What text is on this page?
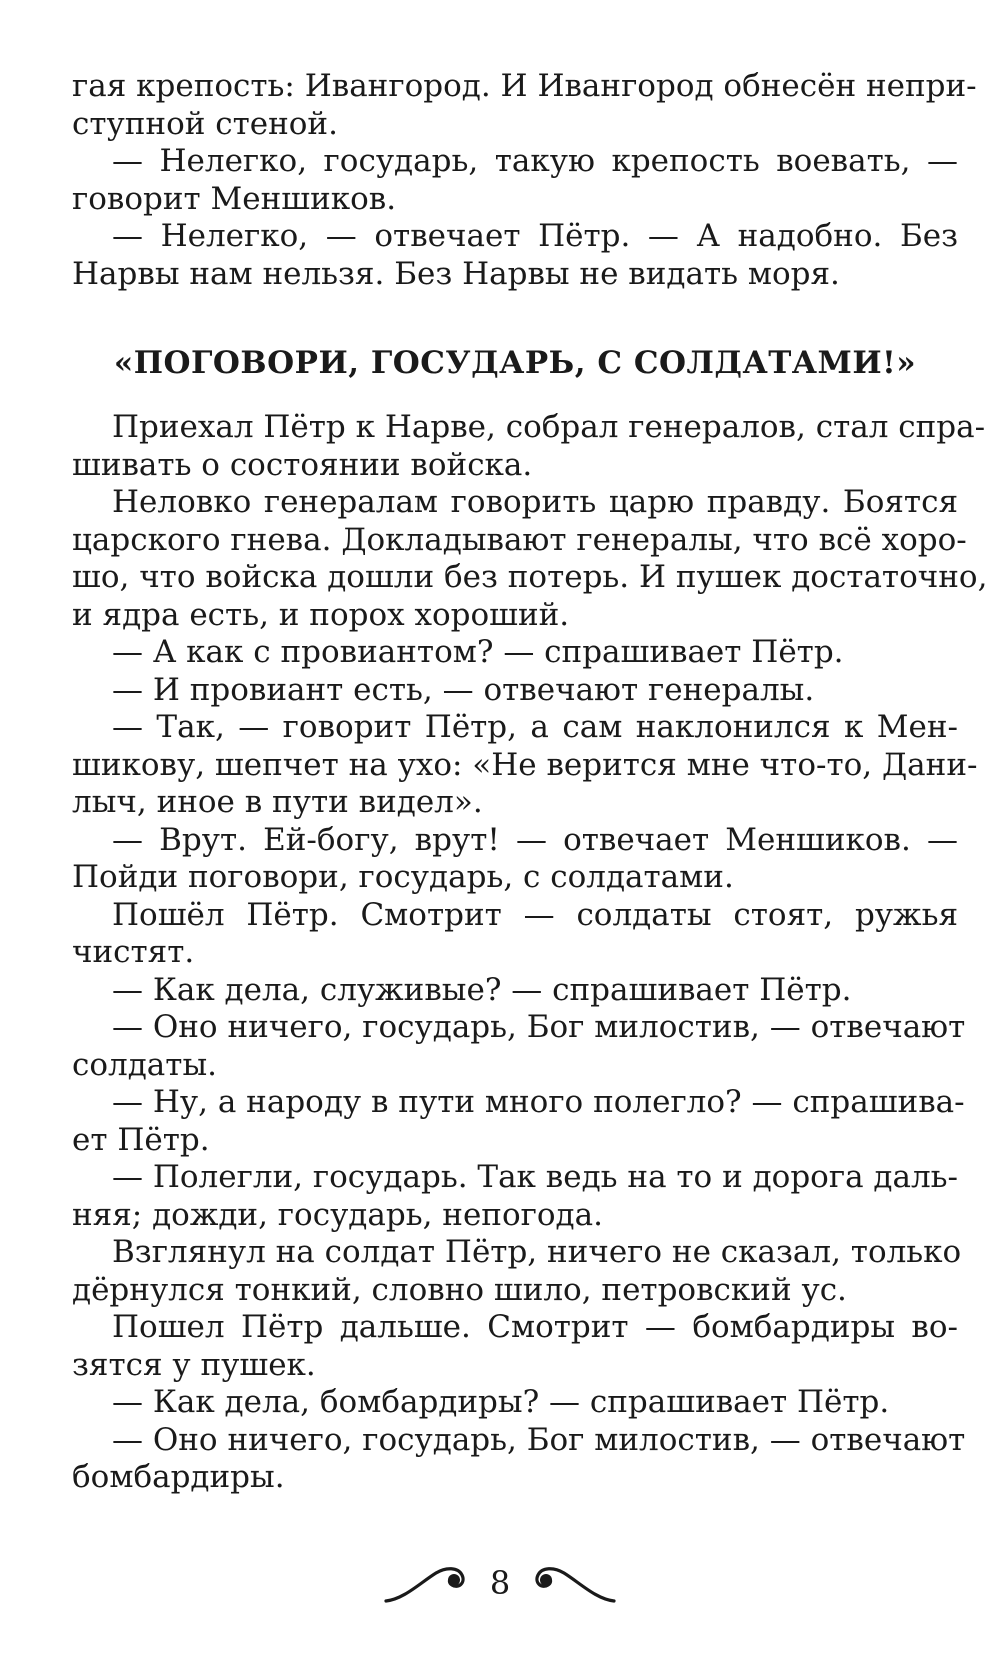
гая крепость: Ивангород. И Ивангород обнесён непри-
ступной стеной.
— Нелегко, государь, такую крепость воевать, —
говорит Меншиков.
— Нелегко, — отвечает Пётр. — А надобно. Без
Нарвы нам нельзя. Без Нарвы не видать моря.
«ПОГОВОРИ, ГОСУДАРЬ, С СОЛДАТАМИ!»
Приехал Пётр к Нарве, собрал генералов, стал спра-
шивать о состоянии войска.
Неловко генералам говорить царю правду. Боятся
царского гнева. Докладывают генералы, что всё хоро-
шо, что войска дошли без потерь. И пушек достаточно,
и ядра есть, и порох хороший.
— А как с провиантом? — спрашивает Пётр.
— И провиант есть, — отвечают генералы.
— Так, — говорит Пётр, а сам наклонился к Мен-
шикову, шепчет на ухо: «Не верится мне что-то, Дани-
лыч, иное в пути видел».
— Врут. Ей-богу, врут! — отвечает Меншиков. —
Пойди поговори, государь, с солдатами.
Пошёл Пётр. Смотрит — солдаты стоят, ружья
чистят.
— Как дела, служивые? — спрашивает Пётр.
— Оно ничего, государь, Бог милостив, — отвечают
солдаты.
— Ну, а народу в пути много полегло? — спрашива-
ет Пётр.
— Полегли, государь. Так ведь на то и дорога даль-
няя; дожди, государь, непогода.
Взглянул на солдат Пётр, ничего не сказал, только
дёрнулся тонкий, словно шило, петровский ус.
Пошел Пётр дальше. Смотрит — бомбардиры во-
зятся у пушек.
— Как дела, бомбардиры? — спрашивает Пётр.
— Оно ничего, государь, Бог милостив, — отвечают
бомбардиры.
8
